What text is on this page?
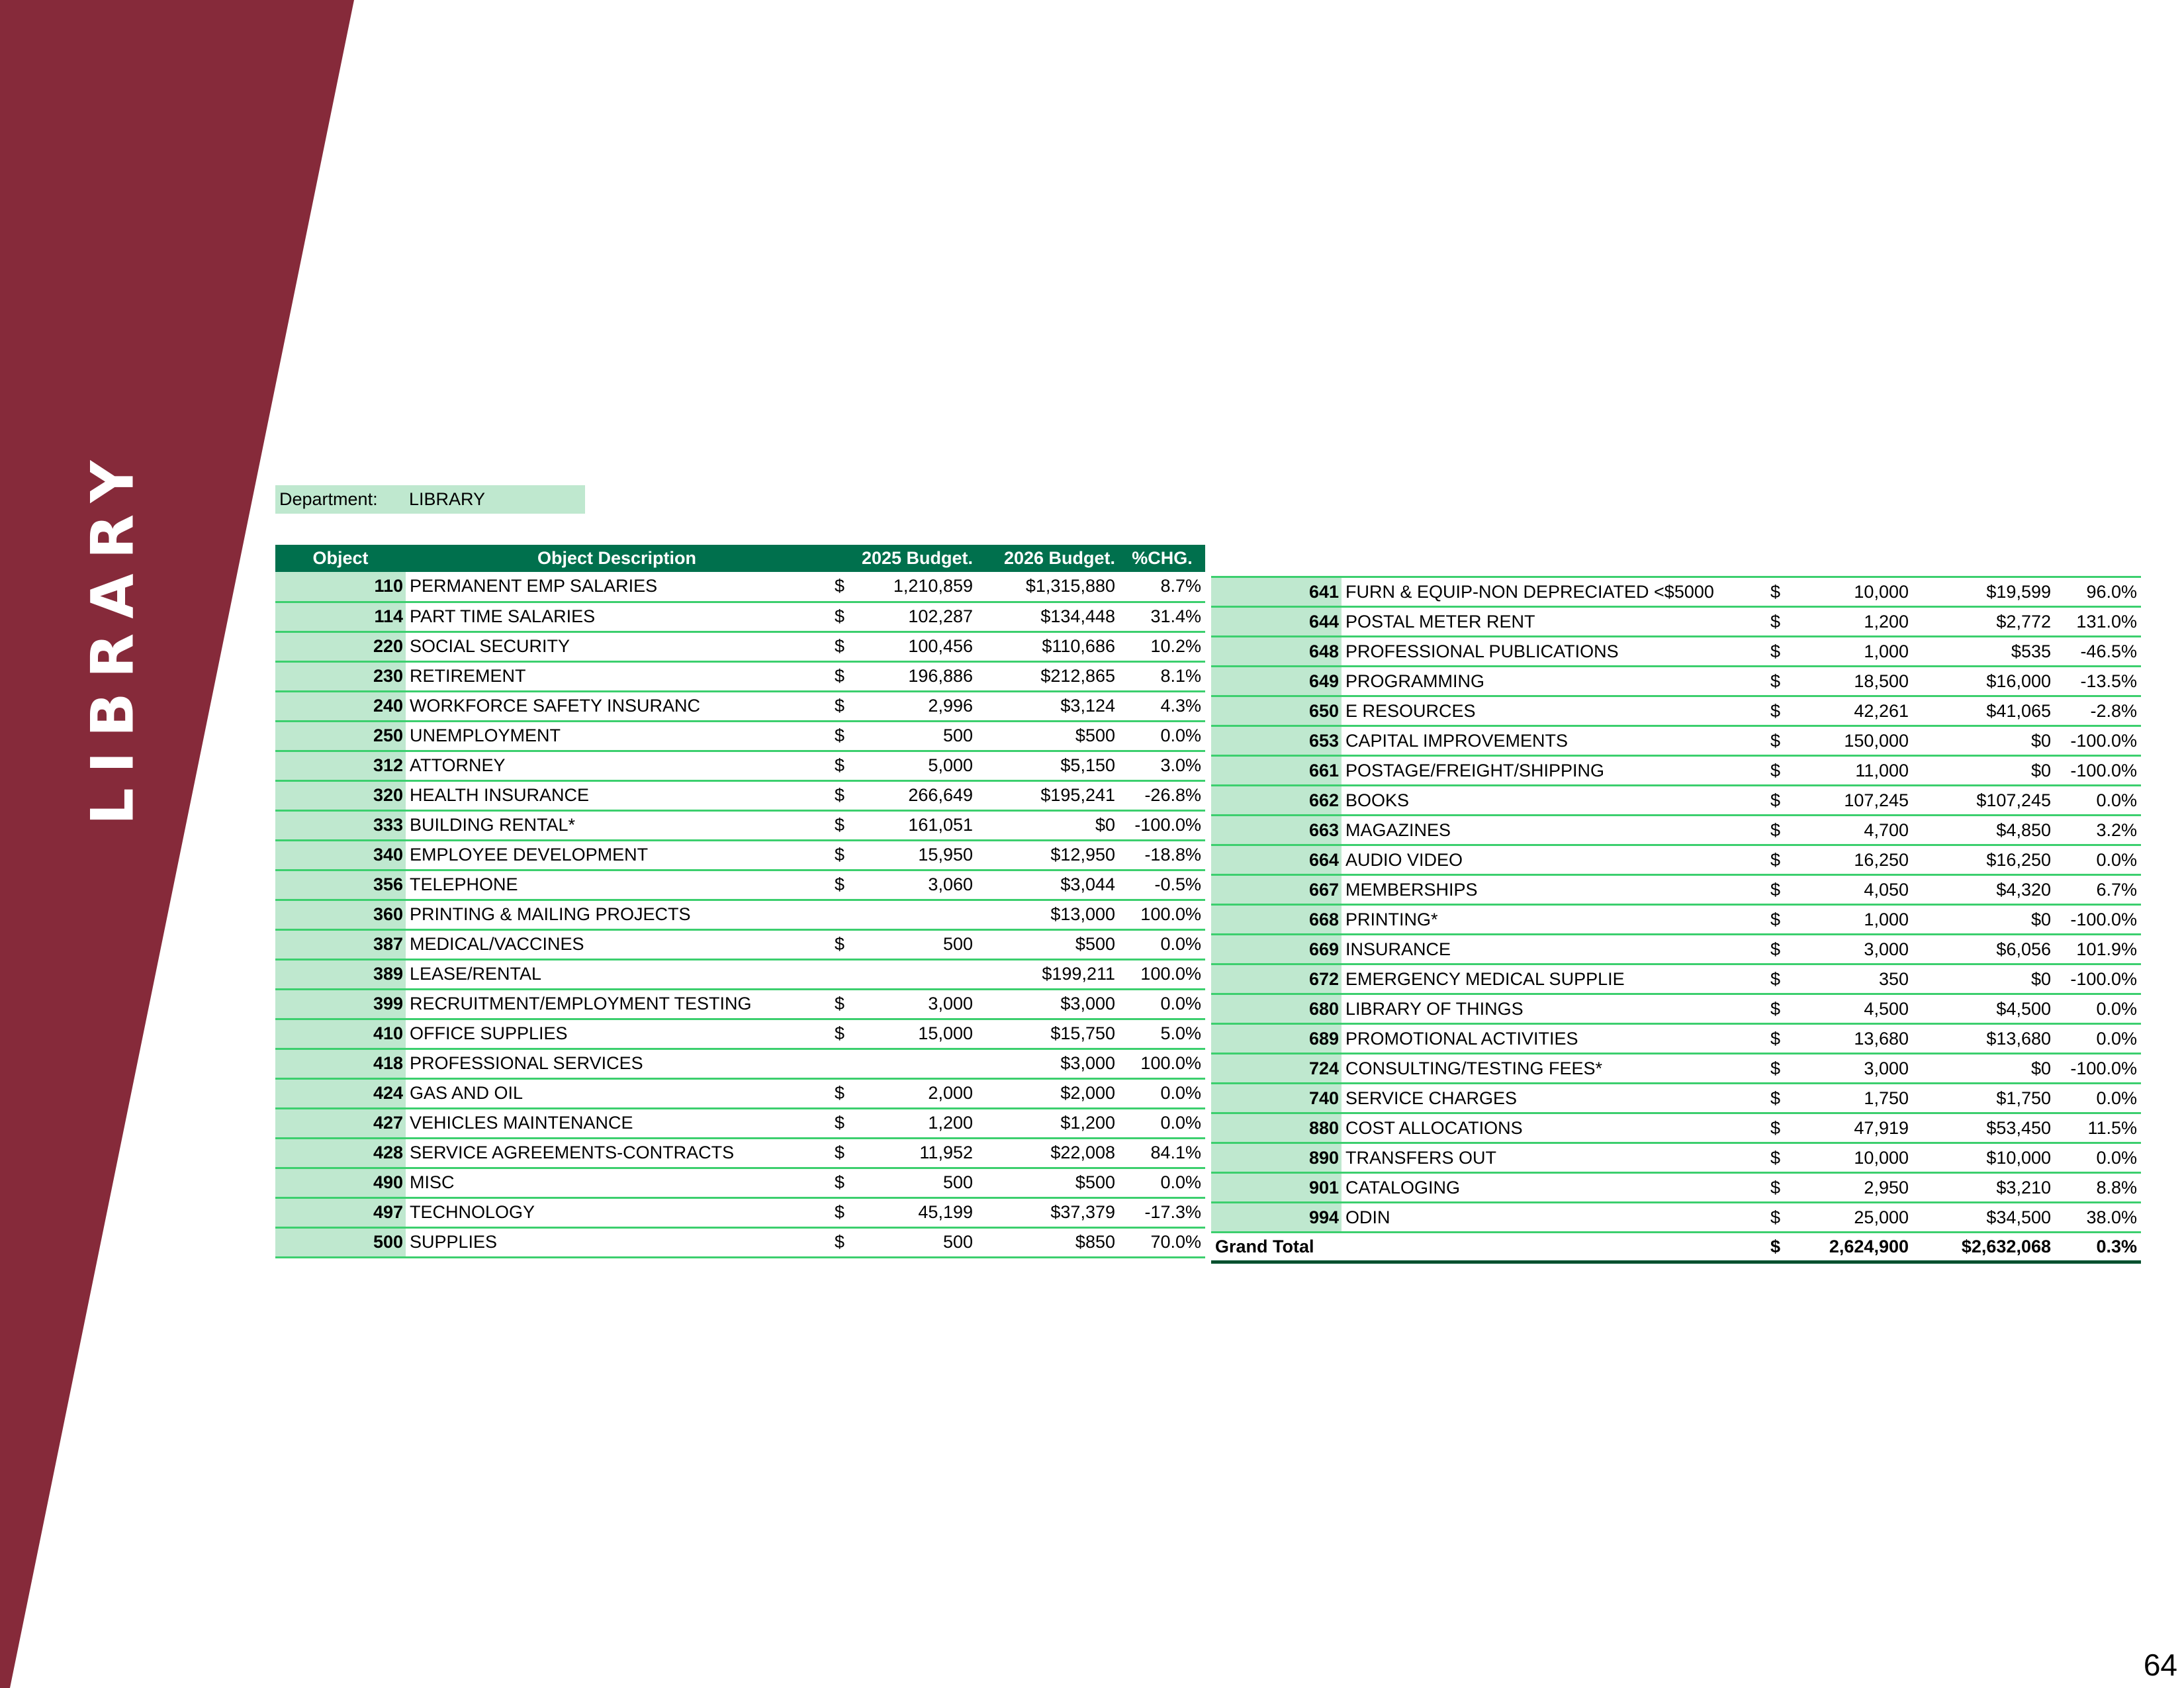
LIBRARY	Department:	LIBRARY
Object	Object Description	2025 Budget.		2026 Budget.	%CHG.
110	PERMANENT EMP SALARIES	$	1,210,859	$1,315,880	8.7%
114	PART TIME SALARIES	$	102,287	$134,448	31.4%
220	SOCIAL SECURITY	$	100,456	$110,686	10.2%
230	RETIREMENT	$	196,886	$212,865	8.1%
240	WORKFORCE SAFETY INSURANC	$	2,996	$3,124	4.3%
250	UNEMPLOYMENT	$	500	$500	0.0%
312	ATTORNEY	$	5,000	$5,150	3.0%
320	HEALTH INSURANCE	$	266,649	$195,241	-26.8%
333	BUILDING RENTAL*	$	161,051	$0	-100.0%
340	EMPLOYEE DEVELOPMENT	$	15,950	$12,950	-18.8%
356	TELEPHONE	$	3,060	$3,044	-0.5%
360	PRINTING & MAILING PROJECTS			$13,000	100.0%
387	MEDICAL/VACCINES	$	500	$500	0.0%
389	LEASE/RENTAL			$199,211	100.0%
399	RECRUITMENT/EMPLOYMENT TESTING	$	3,000	$3,000	0.0%
410	OFFICE SUPPLIES	$	15,000	$15,750	5.0%
418	PROFESSIONAL SERVICES			$3,000	100.0%
424	GAS AND OIL	$	2,000	$2,000	0.0%
427	VEHICLES MAINTENANCE	$	1,200	$1,200	0.0%
428	SERVICE AGREEMENTS-CONTRACTS	$	11,952	$22,008	84.1%
490	MISC	$	500	$500	0.0%
497	TECHNOLOGY	$	45,199	$37,379	-17.3%
500	SUPPLIES	$	500	$850	70.0%
641	FURN & EQUIP-NON DEPRECIATED <$5000	$	10,000	$19,599	96.0%
644	POSTAL METER RENT	$	1,200	$2,772	131.0%
648	PROFESSIONAL PUBLICATIONS	$	1,000	$535	-46.5%
649	PROGRAMMING	$	18,500	$16,000	-13.5%
650	E RESOURCES	$	42,261	$41,065	-2.8%
653	CAPITAL IMPROVEMENTS	$	150,000	$0	-100.0%
661	POSTAGE/FREIGHT/SHIPPING	$	11,000	$0	-100.0%
662	BOOKS	$	107,245	$107,245	0.0%
663	MAGAZINES	$	4,700	$4,850	3.2%
664	AUDIO VIDEO	$	16,250	$16,250	0.0%
667	MEMBERSHIPS	$	4,050	$4,320	6.7%
668	PRINTING*	$	1,000	$0	-100.0%
669	INSURANCE	$	3,000	$6,056	101.9%
672	EMERGENCY MEDICAL SUPPLIE	$	350	$0	-100.0%
680	LIBRARY OF THINGS	$	4,500	$4,500	0.0%
689	PROMOTIONAL ACTIVITIES	$	13,680	$13,680	0.0%
724	CONSULTING/TESTING FEES*	$	3,000	$0	-100.0%
740	SERVICE CHARGES	$	1,750	$1,750	0.0%
880	COST ALLOCATIONS	$	47,919	$53,450	11.5%
890	TRANSFERS OUT	$	10,000	$10,000	0.0%
901	CATALOGING	$	2,950	$3,210	8.8%
994	ODIN	$	25,000	$34,500	38.0%
Grand Total		$	2,624,900	$2,632,068	0.3%
64
